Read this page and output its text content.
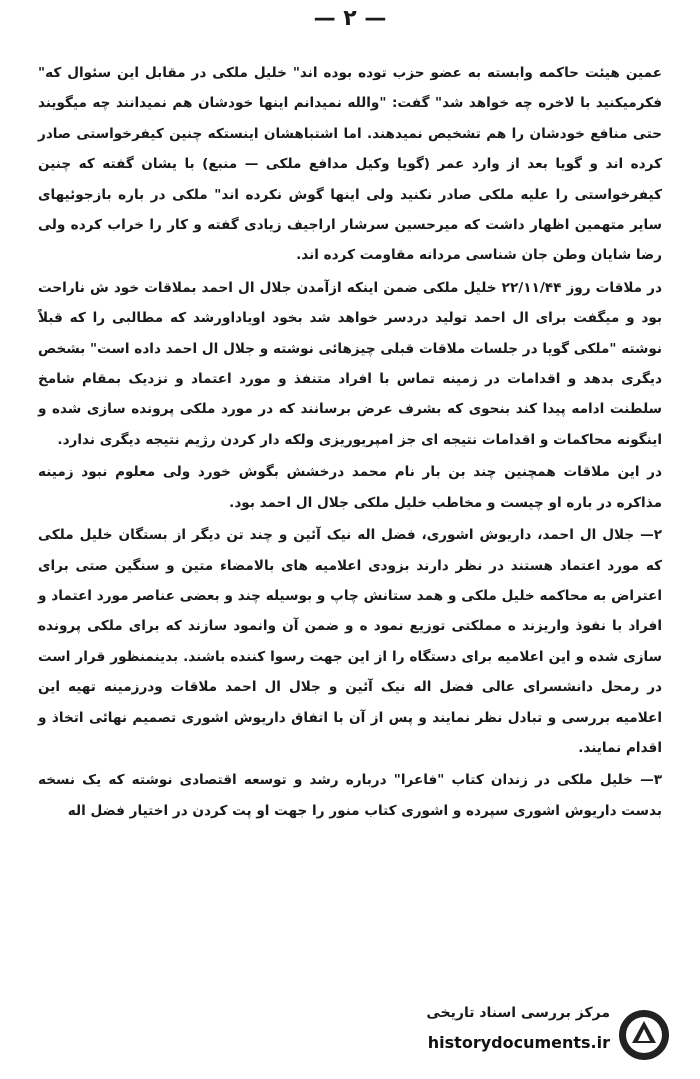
— ۲ —

عمین هیئت حاکمه وابسته به عضو حزب توده بوده اند" خلیل ملکی در مقابل این سئوال که" فکرمیکنید با لاخره چه خواهد شد" گفت: "والله نمیدانم اینها خودشان هم نمیدانند چه میگویند حتی منافع خودشان را هم تشخیص نمیدهند. اما اشتباهشان اینستکه چنین کیفرخواستی صادر کرده اند و گویا بعد از وارد عمر (گویا وکیل مدافع ملکی — منبع) با یشان گفته که چنین کیفرخواستی را علیه ملکی صادر نکنید ولی اینها گوش نکرده اند" ملکی در باره بازجوئیهای سایر متهمین اظهار داشت که میرحسین سرشار اراجیف زیادی گفته و کار را خراب کرده ولی رضا شایان وطن جان شناسی مردانه مقاومت کرده اند.

در ملاقات روز ۲۲/۱۱/۴۴ خلیل ملکی ضمن اینکه ازآمدن جلال ال احمد بملاقات خود ش ناراحت بود و میگفت برای ال احمد تولید دردسر خواهد شد بخود اویاداورشد که مطالبی را که قبلاً نوشته "ملکی گویا در جلسات ملاقات قبلی چیزهائی نوشته و جلال ال احمد داده است" بشخص دیگری بدهد و اقدامات در زمینه تماس با افراد متنفذ و مورد اعتماد و نزدیک بمقام شامخ سلطنت ادامه پیدا کند بنحوی که بشرف عرض برسانند که در مورد ملکی پرونده سازی شده و اینگونه محاکمات و اقدامات نتیجه ای جز امپریوریزی ولکه دار کردن رژیم نتیجه دیگری ندارد.

در این ملاقات همچنین چند بن بار نام محمد درخشش بگوش خورد ولی معلوم نبود زمینه مذاکره در باره او چیست و مخاطب خلیل ملکی جلال ال احمد بود.

۲— جلال ال احمد، داریوش اشوری، فضل اله نیک آئین و چند تن دیگر از بستگان خلیل ملکی که مورد اعتماد هستند در نظر دارند بزودی اعلامیه های بالامضاء متین و سنگین صتی برای اعتراض به محاکمه خلیل ملکی و همد ستانش چاپ و بوسیله چند و بعضی عناصر مورد اعتماد و افراد با نفوذ واریزند ه مملکتی توزیع نمود ه و ضمن آن وانمود سازند که برای ملکی پرونده سازی شده و این اعلامیه برای دستگاه را از این جهت رسوا کننده باشند. بدینمنظور قرار است در رمحل دانشسرای عالی فضل اله نیک آئین و جلال ال احمد ملاقات ودرزمینه تهیه این اعلامیه بررسی و تبادل نظر نمایند و پس از آن با اتفاق داریوش اشوری تصمیم نهائی اتخاذ و اقدام نمایند.

۳— خلیل ملکی در زندان کتاب "فاعرا" درباره رشد و توسعه اقتصادی نوشته که یک نسخه بدست داریوش اشوری سپرده و اشوری کتاب منور را جهت او پت کردن در اختیار فضل اله

مرکز بررسی اسناد تاریخی
historydocuments.ir
